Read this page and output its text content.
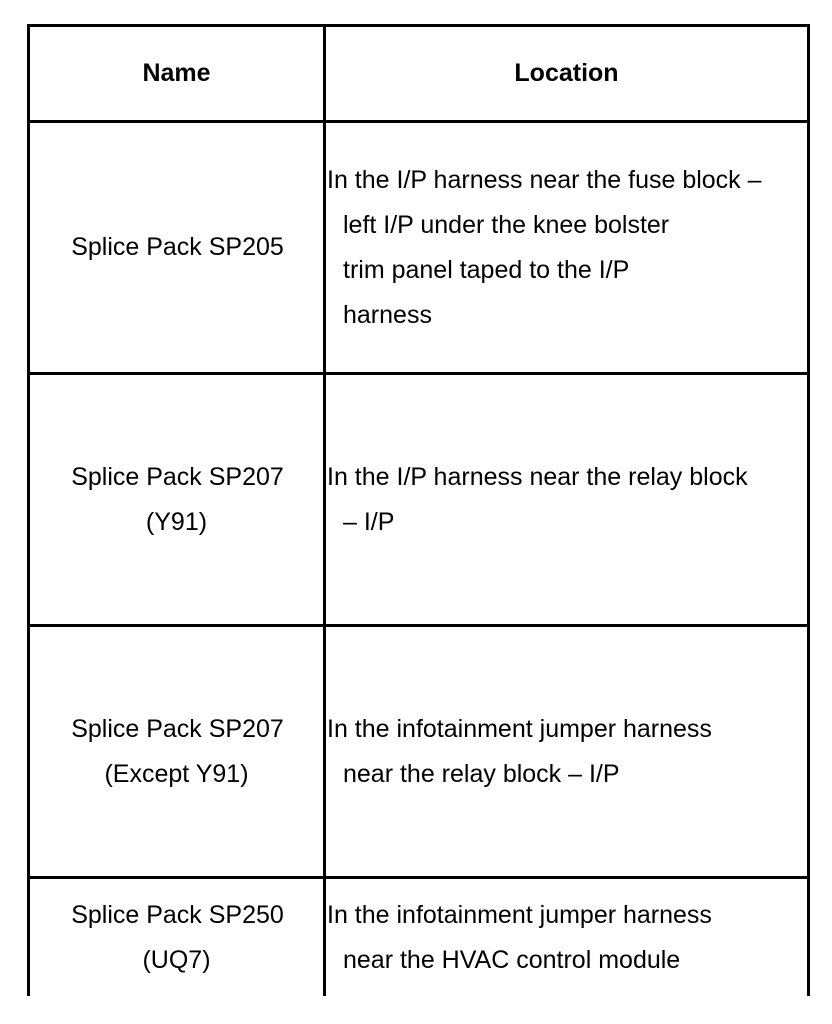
Name	Location

Splice Pack SP205	In the I/P harness near the fuse block –
left I/P under the knee bolster
trim panel taped to the I/P
harness

Splice Pack SP207
(Y91)	In the I/P harness near the relay block
– I/P

Splice Pack SP207
(Except Y91)	In the infotainment jumper harness
near the relay block – I/P

Splice Pack SP250
(UQ7)	In the infotainment jumper harness
near the HVAC control module
